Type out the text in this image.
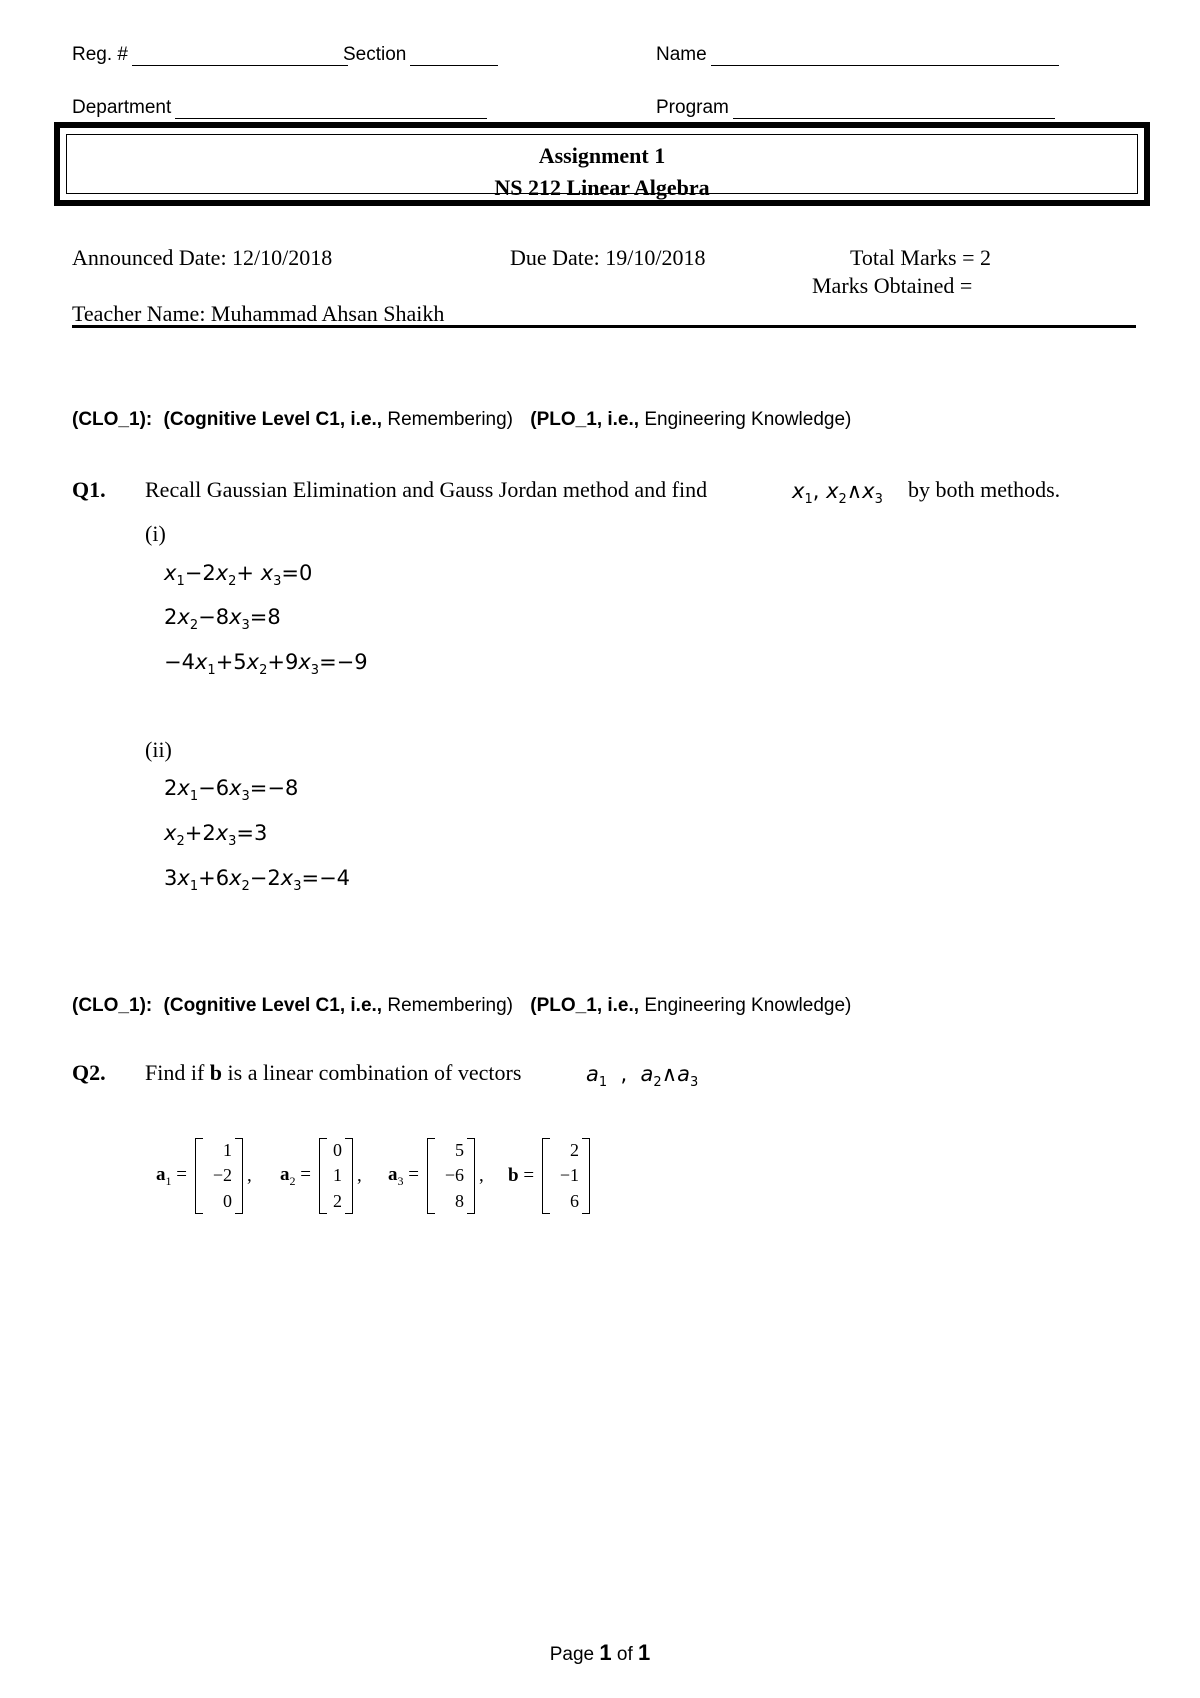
Reg. #	Section	Name
Department	Program
Assignment 1
NS 212 Linear Algebra
Announced Date: 12/10/2018	Due Date: 19/10/2018	Total Marks = 2
Marks Obtained =
Teacher Name: Muhammad Ahsan Shaikh
(CLO_1): (Cognitive Level C1, i.e., Remembering) (PLO_1, i.e., Engineering Knowledge)
Q1. Recall Gaussian Elimination and Gauss Jordan method and find	$x_1$, $x_2\wedge x_3$ by both methods.
(i)
$x_1-2x_2+ x_3=0$
$2x_2-8x_3=8$
$-4x_1+5x_2+9x_3=-9$
(ii)
$2x_1-6x_3=-8$
$x_2+2x_3=3$
$3x_1+6x_2-2x_3=-4$
(CLO_1): (Cognitive Level C1, i.e., Remembering) (PLO_1, i.e., Engineering Knowledge)
Q2. Find if b is a linear combination of vectors	$a_1$  ,  $a_2\wedge a_3$
$a_1$ =
1
−2
0
, $a_2$ =
0
1
2
, $a_3$ =
5
−6
8
, b =
2
−1
6
Page 1 of 1
